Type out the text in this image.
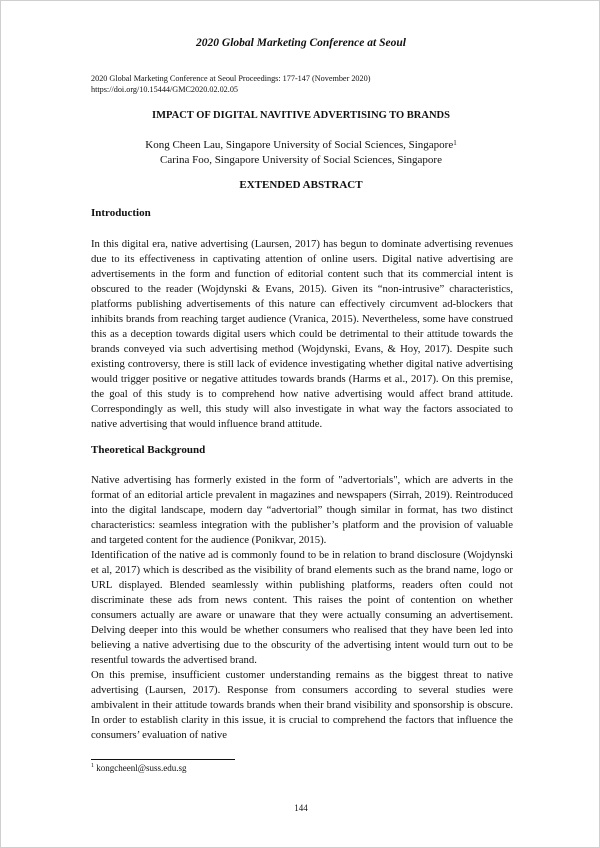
2020 Global Marketing Conference at Seoul
2020 Global Marketing Conference at Seoul Proceedings: 177-147 (November 2020)
https://doi.org/10.15444/GMC2020.02.02.05
IMPACT OF DIGITAL NAVITIVE ADVERTISING TO BRANDS
Kong Cheen Lau, Singapore University of Social Sciences, Singapore$^1$
Carina Foo, Singapore University of Social Sciences, Singapore
EXTENDED ABSTRACT
Introduction

In this digital era, native advertising (Laursen, 2017) has begun to dominate advertising revenues due to its effectiveness in captivating attention of online users. Digital native advertising are advertisements in the form and function of editorial content such that its commercial intent is obscured to the reader (Wojdynski & Evans, 2015). Given its “non-intrusive” characteristics, platforms publishing advertisements of this nature can effectively circumvent ad-blockers that inhibits brands from reaching target audience (Vranica, 2015). Nevertheless, some have construed this as a deception towards digital users which could be detrimental to their attitude towards the brands conveyed via such advertising method (Wojdynski, Evans, & Hoy, 2017). Despite such existing controversy, there is still lack of evidence investigating whether digital native advertising would trigger positive or negative attitudes towards brands (Harms et al., 2017). On this premise, the goal of this study is to comprehend how native advertising would affect brand attitude. Correspondingly as well, this study will also investigate in what way the factors associated to native advertising that would influence brand attitude.

Theoretical Background

Native advertising has formerly existed in the form of "advertorials", which are adverts in the format of an editorial article prevalent in magazines and newspapers (Sirrah, 2019). Reintroduced into the digital landscape, modern day “advertorial” though similar in format, has two distinct characteristics: seamless integration with the publisher’s platform and the provision of valuable and targeted content for the audience (Ponikvar, 2015).

Identification of the native ad is commonly found to be in relation to brand disclosure (Wojdynski et al, 2017) which is described as the visibility of brand elements such as the brand name, logo or URL displayed. Blended seamlessly within publishing platforms, readers often could not discriminate these ads from news content. This raises the point of contention on whether consumers actually are aware or unaware that they were actually consuming an advertisement. Delving deeper into this would be whether consumers who realised that they have been led into believing a native advertising due to the obscurity of the advertising intent would turn out to be resentful towards the advertised brand.

On this premise, insufficient customer understanding remains as the biggest threat to native advertising (Laursen, 2017). Response from consumers according to several studies were ambivalent in their attitude towards brands when their brand visibility and sponsorship is obscure. In order to establish clarity in this issue, it is crucial to comprehend the factors that influence the consumers’ evaluation of native

$^1$ kongcheenl@suss.edu.sg
144
